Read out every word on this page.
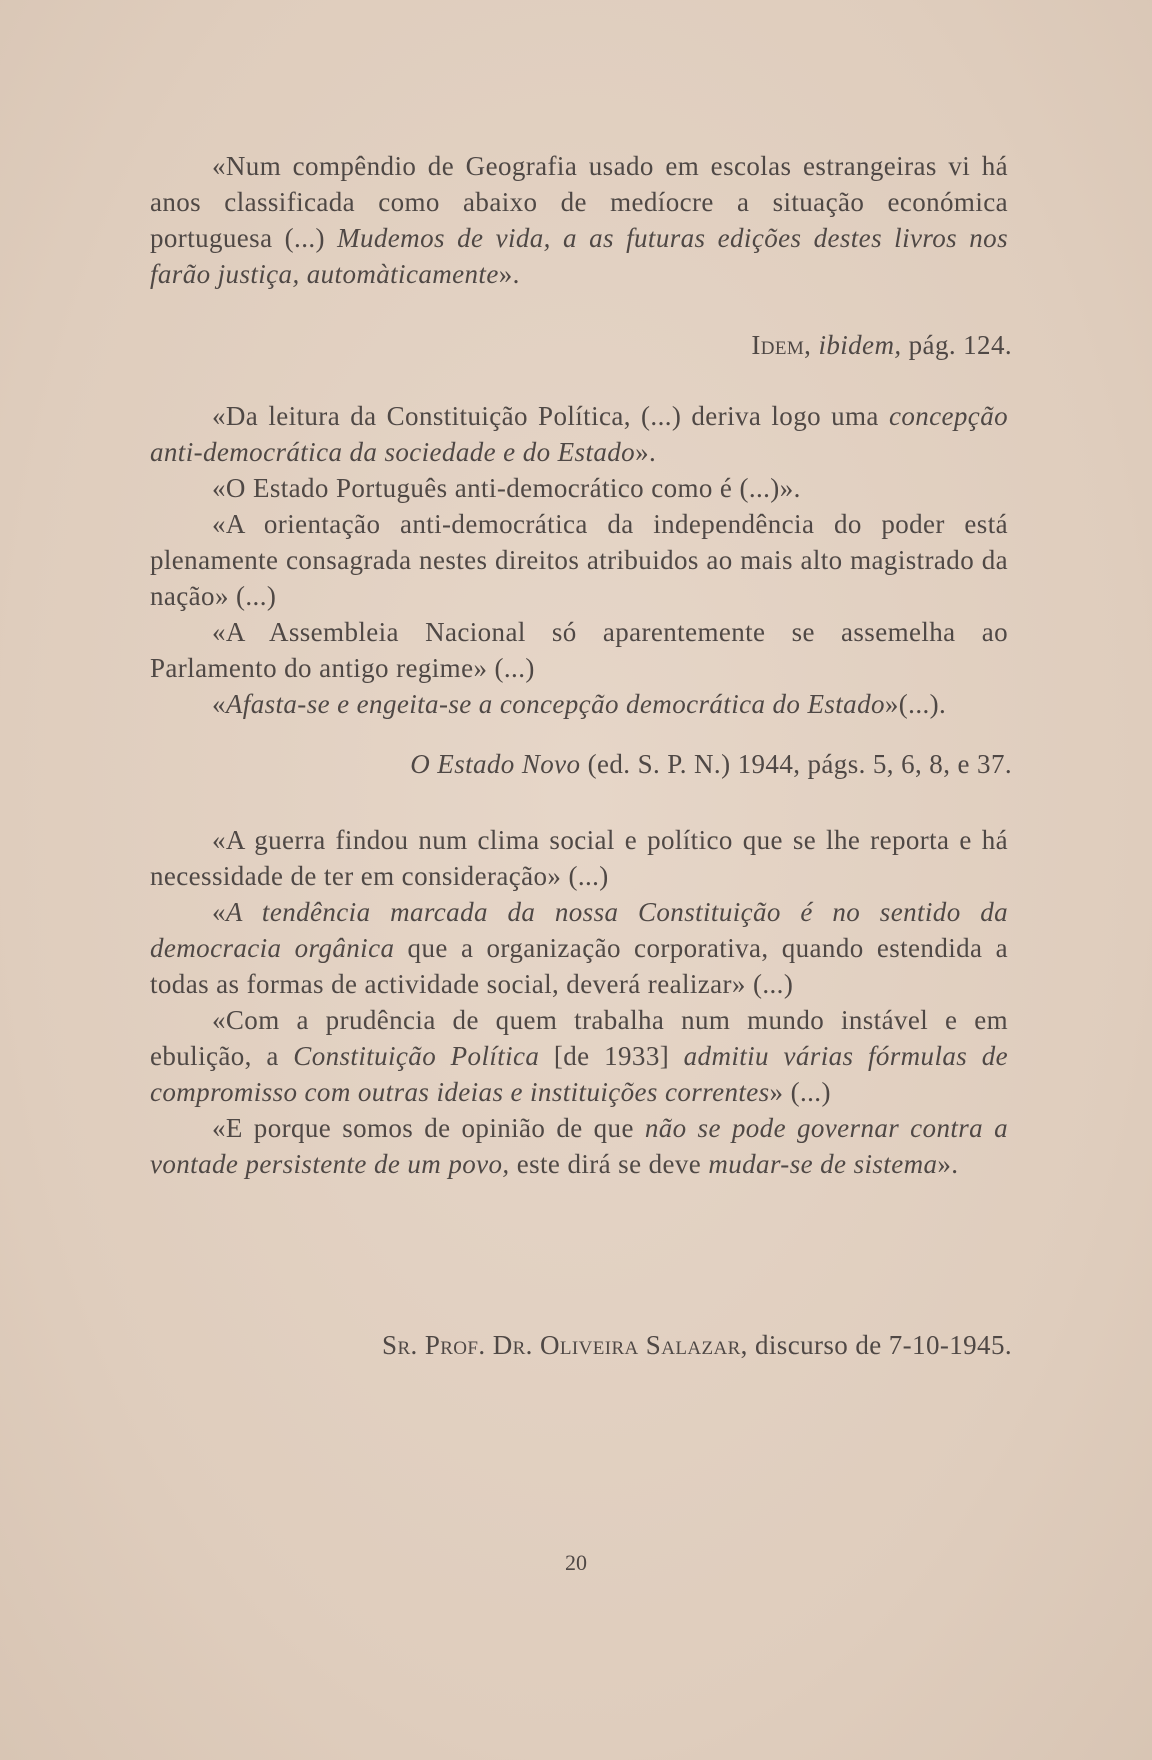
«Num compêndio de Geografia usado em escolas estrangeiras vi há anos classificada como abaixo de medíocre a situação económica portuguesa (...) Mudemos de vida, a as futuras edições destes livros nos farão justiça, automàticamente».

Idem, ibidem, pág. 124.

«Da leitura da Constituição Política, (...) deriva logo uma concepção anti-democrática da sociedade e do Estado».

«O Estado Português anti-democrático como é (...)».

«A orientação anti-democrática da independência do poder está plenamente consagrada nestes direitos atribuidos ao mais alto magistrado da nação» (...)

«A Assembleia Nacional só aparentemente se assemelha ao Parlamento do antigo regime» (...)

«Afasta-se e engeita-se a concepção democrática do Estado»(...).

O Estado Novo (ed. S. P. N.) 1944, págs. 5, 6, 8, e 37.

«A guerra findou num clima social e político que se lhe reporta e há necessidade de ter em consideração» (...)

«A tendência marcada da nossa Constituição é no sentido da democracia orgânica que a organização corporativa, quando estendida a todas as formas de actividade social, deverá realizar» (...)

«Com a prudência de quem trabalha num mundo instável e em ebulição, a Constituição Política [de 1933] admitiu várias fórmulas de compromisso com outras ideias e instituições correntes» (...)

«E porque somos de opinião de que não se pode governar contra a vontade persistente de um povo, este dirá se deve mudar-se de sistema».

Sr. Prof. Dr. Oliveira Salazar, discurso de 7-10-1945.
20
